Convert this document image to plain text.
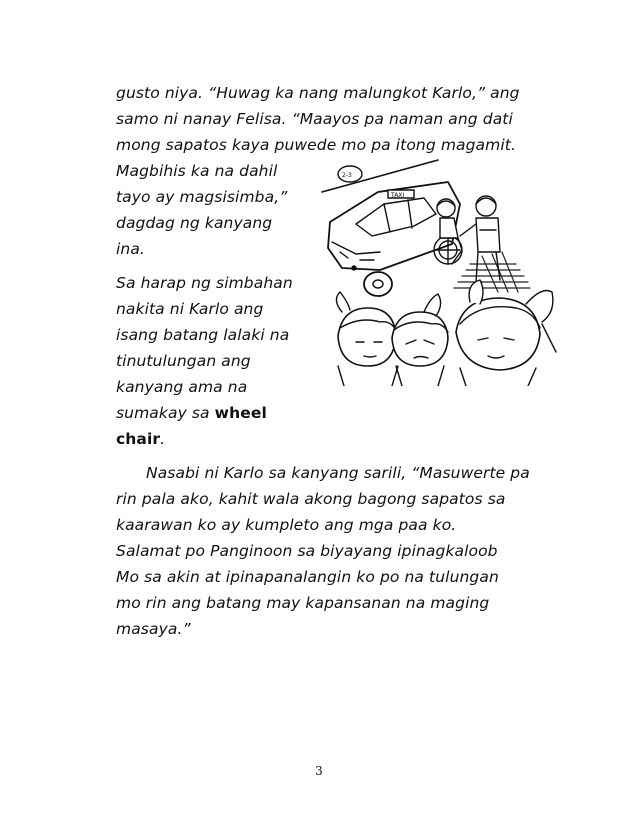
gusto niya. “Huwag ka nang malungkot Karlo,” ang
samo ni nanay Felisa. “Maayos pa naman ang dati
mong sapatos kaya puwede mo pa itong magamit.
Magbihis ka na dahil
tayo ay magsisimba,”
dagdag ng kanyang
ina.
Sa harap ng simbahan
nakita ni Karlo ang
isang batang lalaki na
tinutulungan ang
kanyang ama na
sumakay sa wheel
chair.
Nasabi ni Karlo sa kanyang sarili, “Masuwerte pa
rin pala ako, kahit wala akong bagong sapatos sa
kaarawan ko ay kumpleto ang mga paa ko.
Salamat po Panginoon sa biyayang ipinagkaloob
Mo sa akin at ipinapanalangin ko po na tulungan
mo rin ang batang may kapansanan na maging
masaya.”
TAXI
2-3
3
